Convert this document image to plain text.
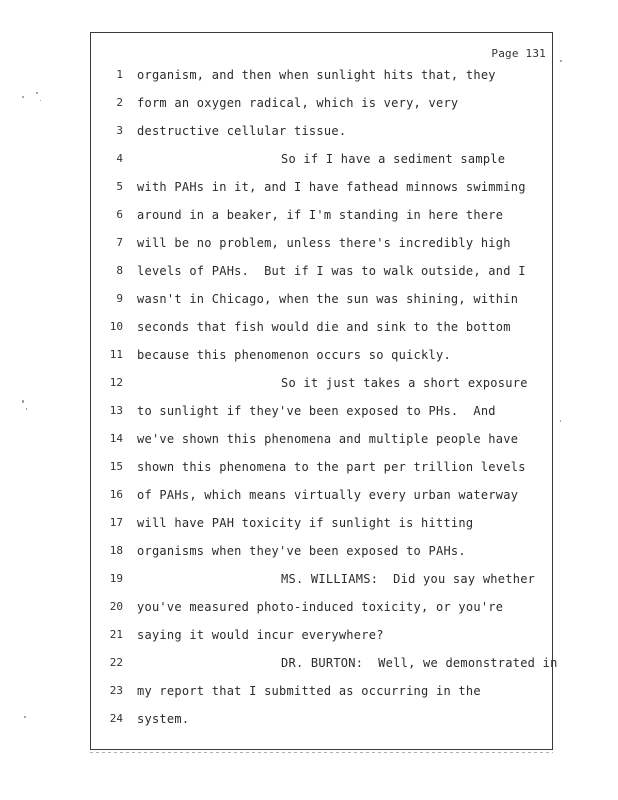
Page 131
1 organism, and then when sunlight hits that, they
2 form an oxygen radical, which is very, very
3 destructive cellular tissue.
4	So if I have a sediment sample
5 with PAHs in it, and I have fathead minnows swimming
6 around in a beaker, if I'm standing in here there
7 will be no problem, unless there's incredibly high
8 levels of PAHs.  But if I was to walk outside, and I
9 wasn't in Chicago, when the sun was shining, within
10 seconds that fish would die and sink to the bottom
11 because this phenomenon occurs so quickly.
12	So it just takes a short exposure
13 to sunlight if they've been exposed to PHs.  And
14 we've shown this phenomena and multiple people have
15 shown this phenomena to the part per trillion levels
16 of PAHs, which means virtually every urban waterway
17 will have PAH toxicity if sunlight is hitting
18 organisms when they've been exposed to PAHs.
19	MS. WILLIAMS:  Did you say whether
20 you've measured photo-induced toxicity, or you're
21 saying it would incur everywhere?
22	DR. BURTON:  Well, we demonstrated in
23 my report that I submitted as occurring in the
24 system.
